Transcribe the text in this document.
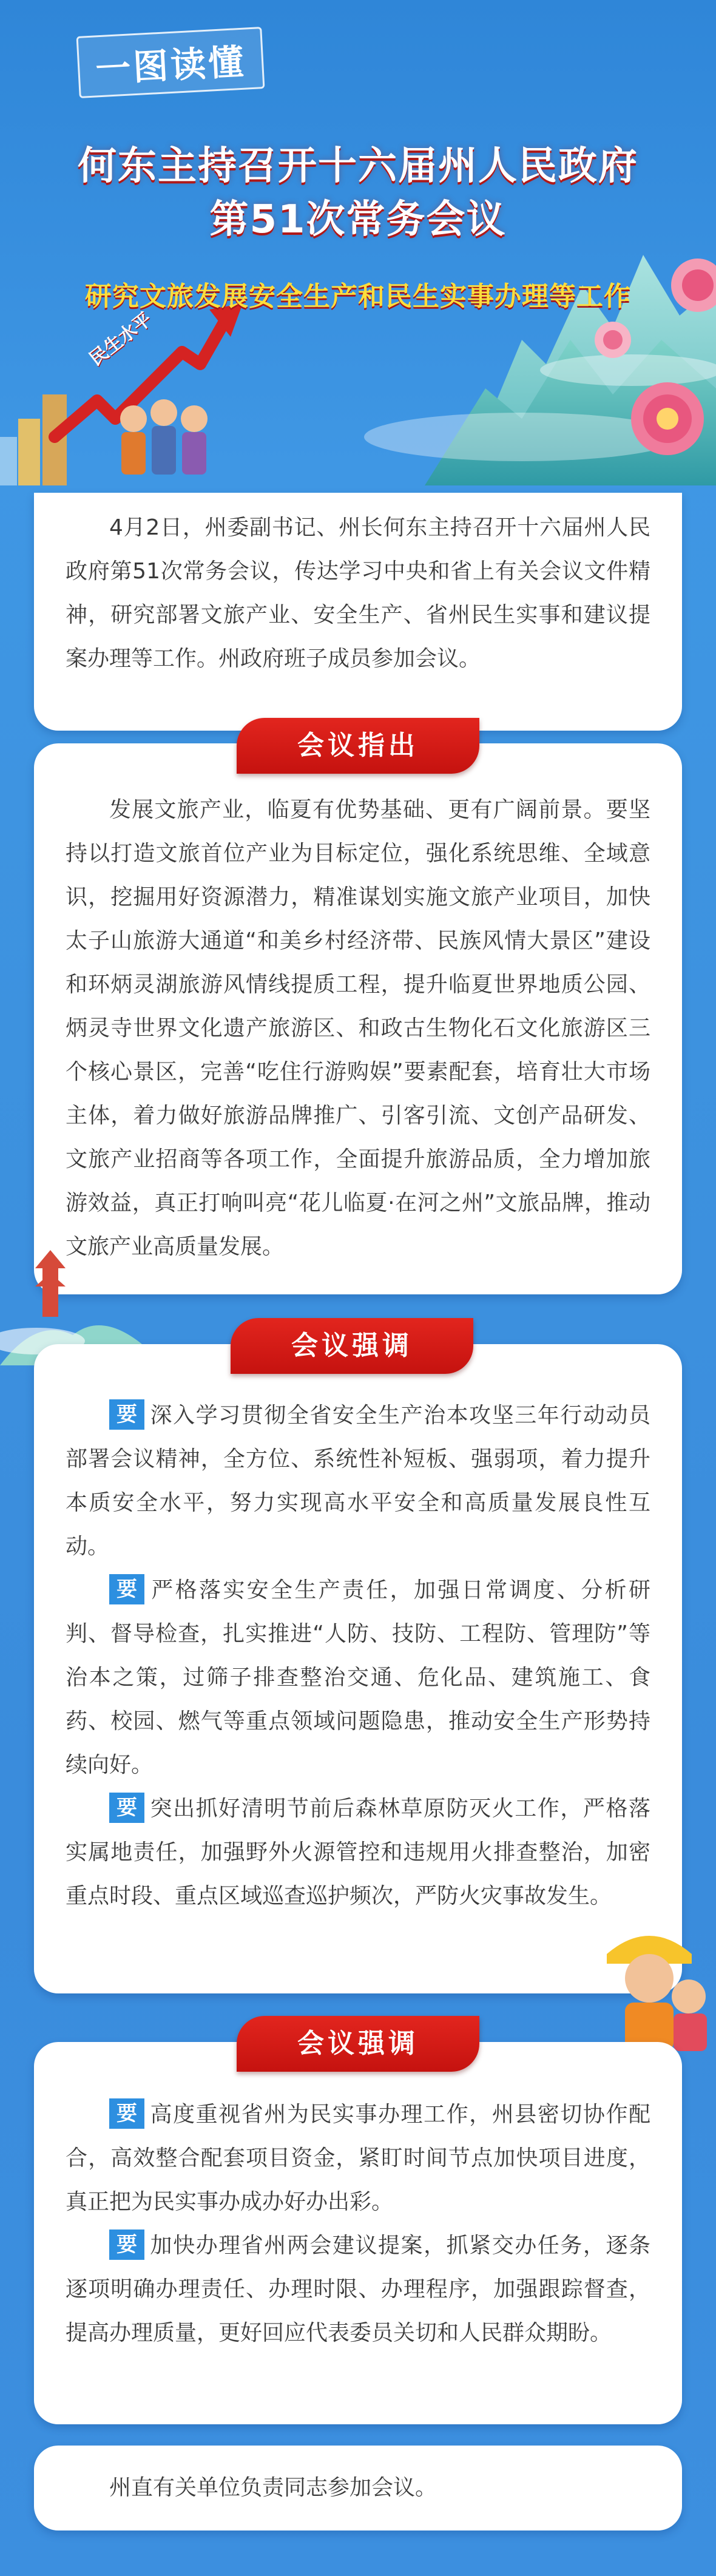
民生水平
一图读懂
何东主持召开十六届州人民政府
第51次常务会议
研究文旅发展安全生产和民生实事办理等工作

4月2日，州委副书记、州长何东主持召开十六届州人民政府第51次常务会议，传达学习中央和省上有关会议文件精神，研究部署文旅产业、安全生产、省州民生实事和建议提案办理等工作。州政府班子成员参加会议。

发展文旅产业，临夏有优势基础、更有广阔前景。要坚持以打造文旅首位产业为目标定位，强化系统思维、全域意识，挖掘用好资源潜力，精准谋划实施文旅产业项目，加快太子山旅游大通道“和美乡村经济带、民族风情大景区”建设和环炳灵湖旅游风情线提质工程，提升临夏世界地质公园、炳灵寺世界文化遗产旅游区、和政古生物化石文化旅游区三个核心景区，完善“吃住行游购娱”要素配套，培育壮大市场主体，着力做好旅游品牌推广、引客引流、文创产品研发、文旅产业招商等各项工作，全面提升旅游品质，全力增加旅游效益，真正打响叫亮“花儿临夏·在河之州”文旅品牌，推动文旅产业高质量发展。

会议指出

要 深入学习贯彻全省安全生产治本攻坚三年行动动员部署会议精神，全方位、系统性补短板、强弱项，着力提升本质安全水平，努力实现高水平安全和高质量发展良性互动。

要 严格落实安全生产责任，加强日常调度、分析研判、督导检查，扎实推进“人防、技防、工程防、管理防”等治本之策，过筛子排查整治交通、危化品、建筑施工、食药、校园、燃气等重点领域问题隐患，推动安全生产形势持续向好。

要 突出抓好清明节前后森林草原防灭火工作，严格落实属地责任，加强野外火源管控和违规用火排查整治，加密重点时段、重点区域巡查巡护频次，严防火灾事故发生。

会议强调

要 高度重视省州为民实事办理工作，州县密切协作配合，高效整合配套项目资金，紧盯时间节点加快项目进度，真正把为民实事办成办好办出彩。

要 加快办理省州两会建议提案，抓紧交办任务，逐条逐项明确办理责任、办理时限、办理程序，加强跟踪督查，提高办理质量，更好回应代表委员关切和人民群众期盼。

会议强调

州直有关单位负责同志参加会议。
